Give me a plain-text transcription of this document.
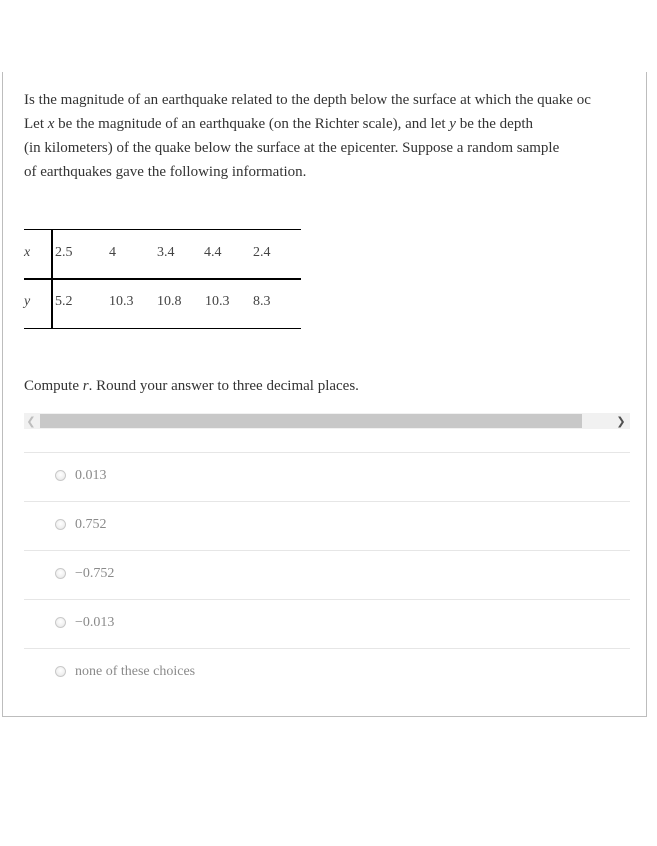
Is the magnitude of an earthquake related to the depth below the surface at which the quake oc
Let x be the magnitude of an earthquake (on the Richter scale), and let y be the depth
(in kilometers) of the quake below the surface at the epicenter. Suppose a random sample
of earthquakes gave the following information.
x	2.5	4	3.4 4.4 2.4
y	5.2	10.3 10.8 10.3 8.3
Compute r. Round your answer to three decimal places.
❮	❯
0.013
0.752
−0.752
−0.013
none of these choices
